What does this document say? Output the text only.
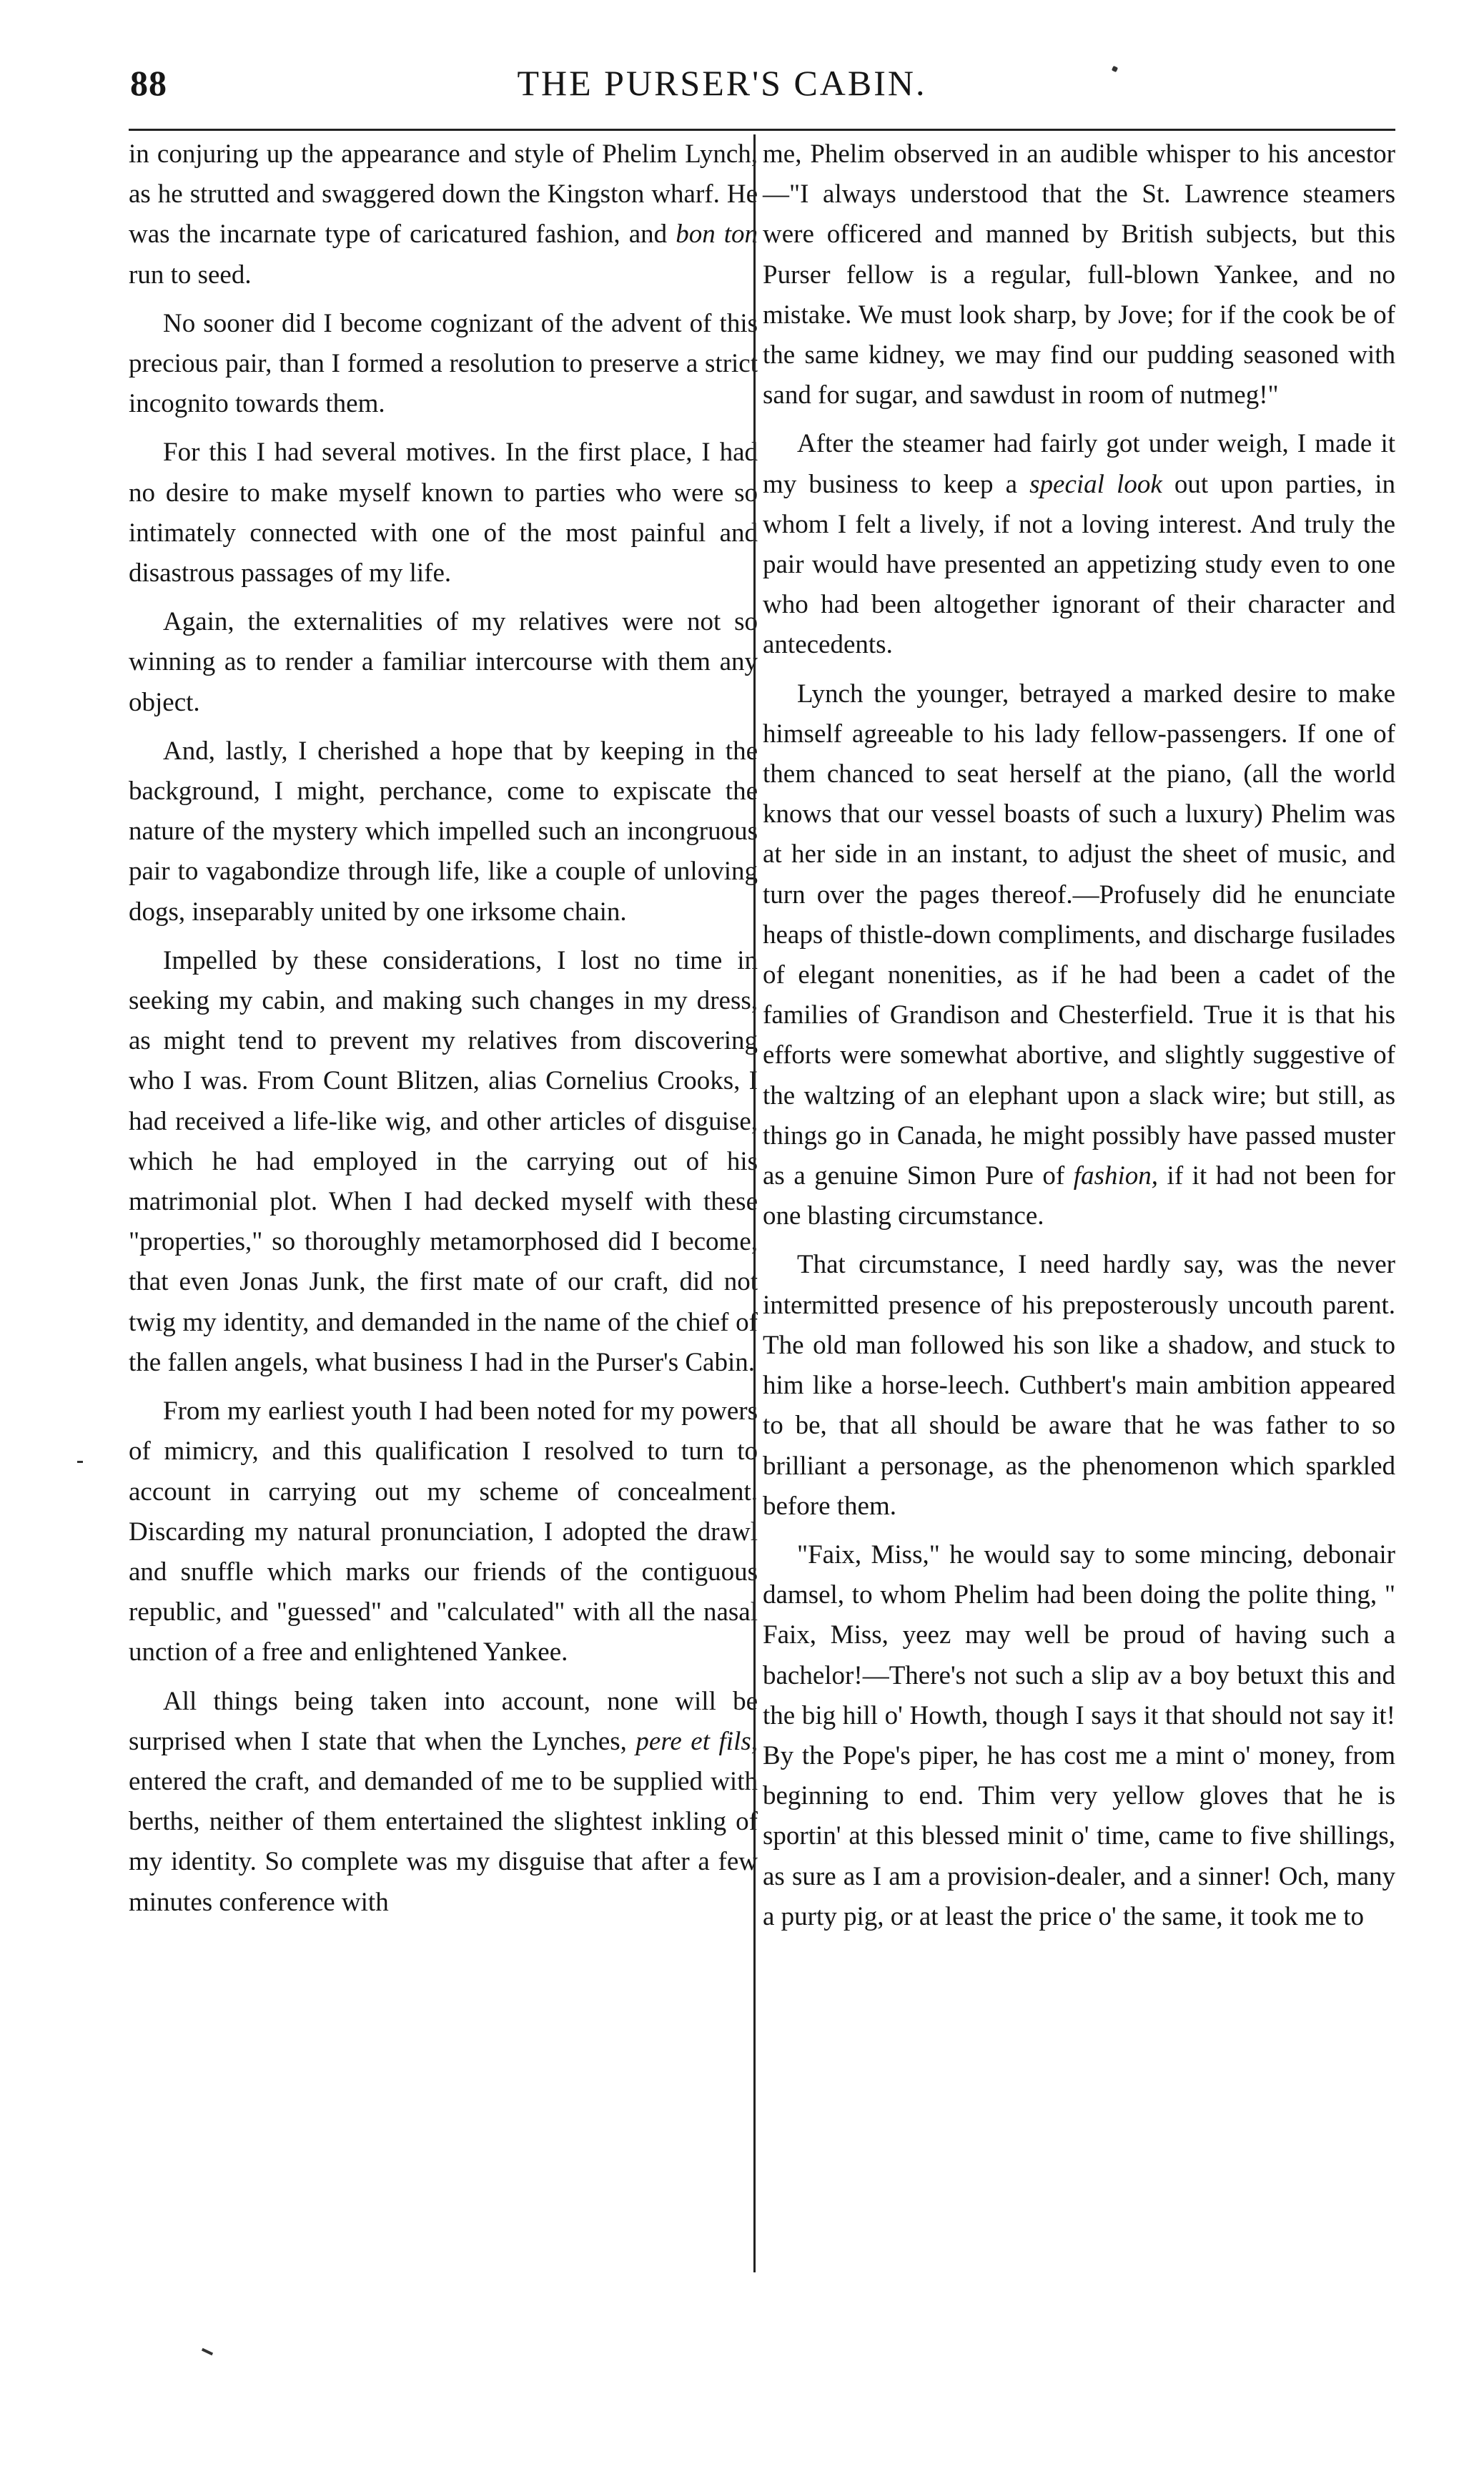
88	THE PURSER'S CABIN.

in conjuring up the appearance and style of Phelim Lynch, as he strutted and swaggered down the Kingston wharf. He was the incarnate type of caricatured fashion, and bon ton run to seed.

No sooner did I become cognizant of the advent of this precious pair, than I formed a resolution to preserve a strict incognito towards them.

For this I had several motives. In the first place, I had no desire to make myself known to parties who were so intimately connected with one of the most painful and disastrous passages of my life.

Again, the externalities of my relatives were not so winning as to render a familiar intercourse with them any object.

And, lastly, I cherished a hope that by keeping in the background, I might, perchance, come to expiscate the nature of the mystery which impelled such an incongruous pair to vagabondize through life, like a couple of unloving dogs, inseparably united by one irksome chain.

Impelled by these considerations, I lost no time in seeking my cabin, and making such changes in my dress, as might tend to prevent my relatives from discovering who I was. From Count Blitzen, alias Cornelius Crooks, I had received a life-like wig, and other articles of disguise, which he had employed in the carrying out of his matrimonial plot. When I had decked myself with these "properties," so thoroughly metamorphosed did I become, that even Jonas Junk, the first mate of our craft, did not twig my identity, and demanded in the name of the chief of the fallen angels, what business I had in the Purser's Cabin.

From my earliest youth I had been noted for my powers of mimicry, and this qualification I resolved to turn to account in carrying out my scheme of concealment. Discarding my natural pronunciation, I adopted the drawl and snuffle which marks our friends of the contiguous republic, and "guessed" and "calculated" with all the nasal unction of a free and enlightened Yankee.

All things being taken into account, none will be surprised when I state that when the Lynches, pere et fils, entered the craft, and demanded of me to be supplied with berths, neither of them entertained the slightest inkling of my identity. So complete was my disguise that after a few minutes conference with

me, Phelim observed in an audible whisper to his ancestor—"I always understood that the St. Lawrence steamers were officered and manned by British subjects, but this Purser fellow is a regular, full-blown Yankee, and no mistake. We must look sharp, by Jove; for if the cook be of the same kidney, we may find our pudding seasoned with sand for sugar, and sawdust in room of nutmeg!"

After the steamer had fairly got under weigh, I made it my business to keep a special look out upon parties, in whom I felt a lively, if not a loving interest. And truly the pair would have presented an appetizing study even to one who had been altogether ignorant of their character and antecedents.

Lynch the younger, betrayed a marked desire to make himself agreeable to his lady fellow-passengers. If one of them chanced to seat herself at the piano, (all the world knows that our vessel boasts of such a luxury) Phelim was at her side in an instant, to adjust the sheet of music, and turn over the pages thereof.—Profusely did he enunciate heaps of thistle-down compliments, and discharge fusilades of elegant nonenities, as if he had been a cadet of the families of Grandison and Chesterfield. True it is that his efforts were somewhat abortive, and slightly suggestive of the waltzing of an elephant upon a slack wire; but still, as things go in Canada, he might possibly have passed muster as a genuine Simon Pure of fashion, if it had not been for one blasting circumstance.

That circumstance, I need hardly say, was the never intermitted presence of his preposterously uncouth parent. The old man followed his son like a shadow, and stuck to him like a horse-leech. Cuthbert's main ambition appeared to be, that all should be aware that he was father to so brilliant a personage, as the phenomenon which sparkled before them.

"Faix, Miss," he would say to some mincing, debonair damsel, to whom Phelim had been doing the polite thing, " Faix, Miss, yeez may well be proud of having such a bachelor!—There's not such a slip av a boy betuxt this and the big hill o' Howth, though I says it that should not say it! By the Pope's piper, he has cost me a mint o' money, from beginning to end. Thim very yellow gloves that he is sportin' at this blessed minit o' time, came to five shillings, as sure as I am a provision-dealer, and a sinner! Och, many a purty pig, or at least the price o' the same, it took me to
